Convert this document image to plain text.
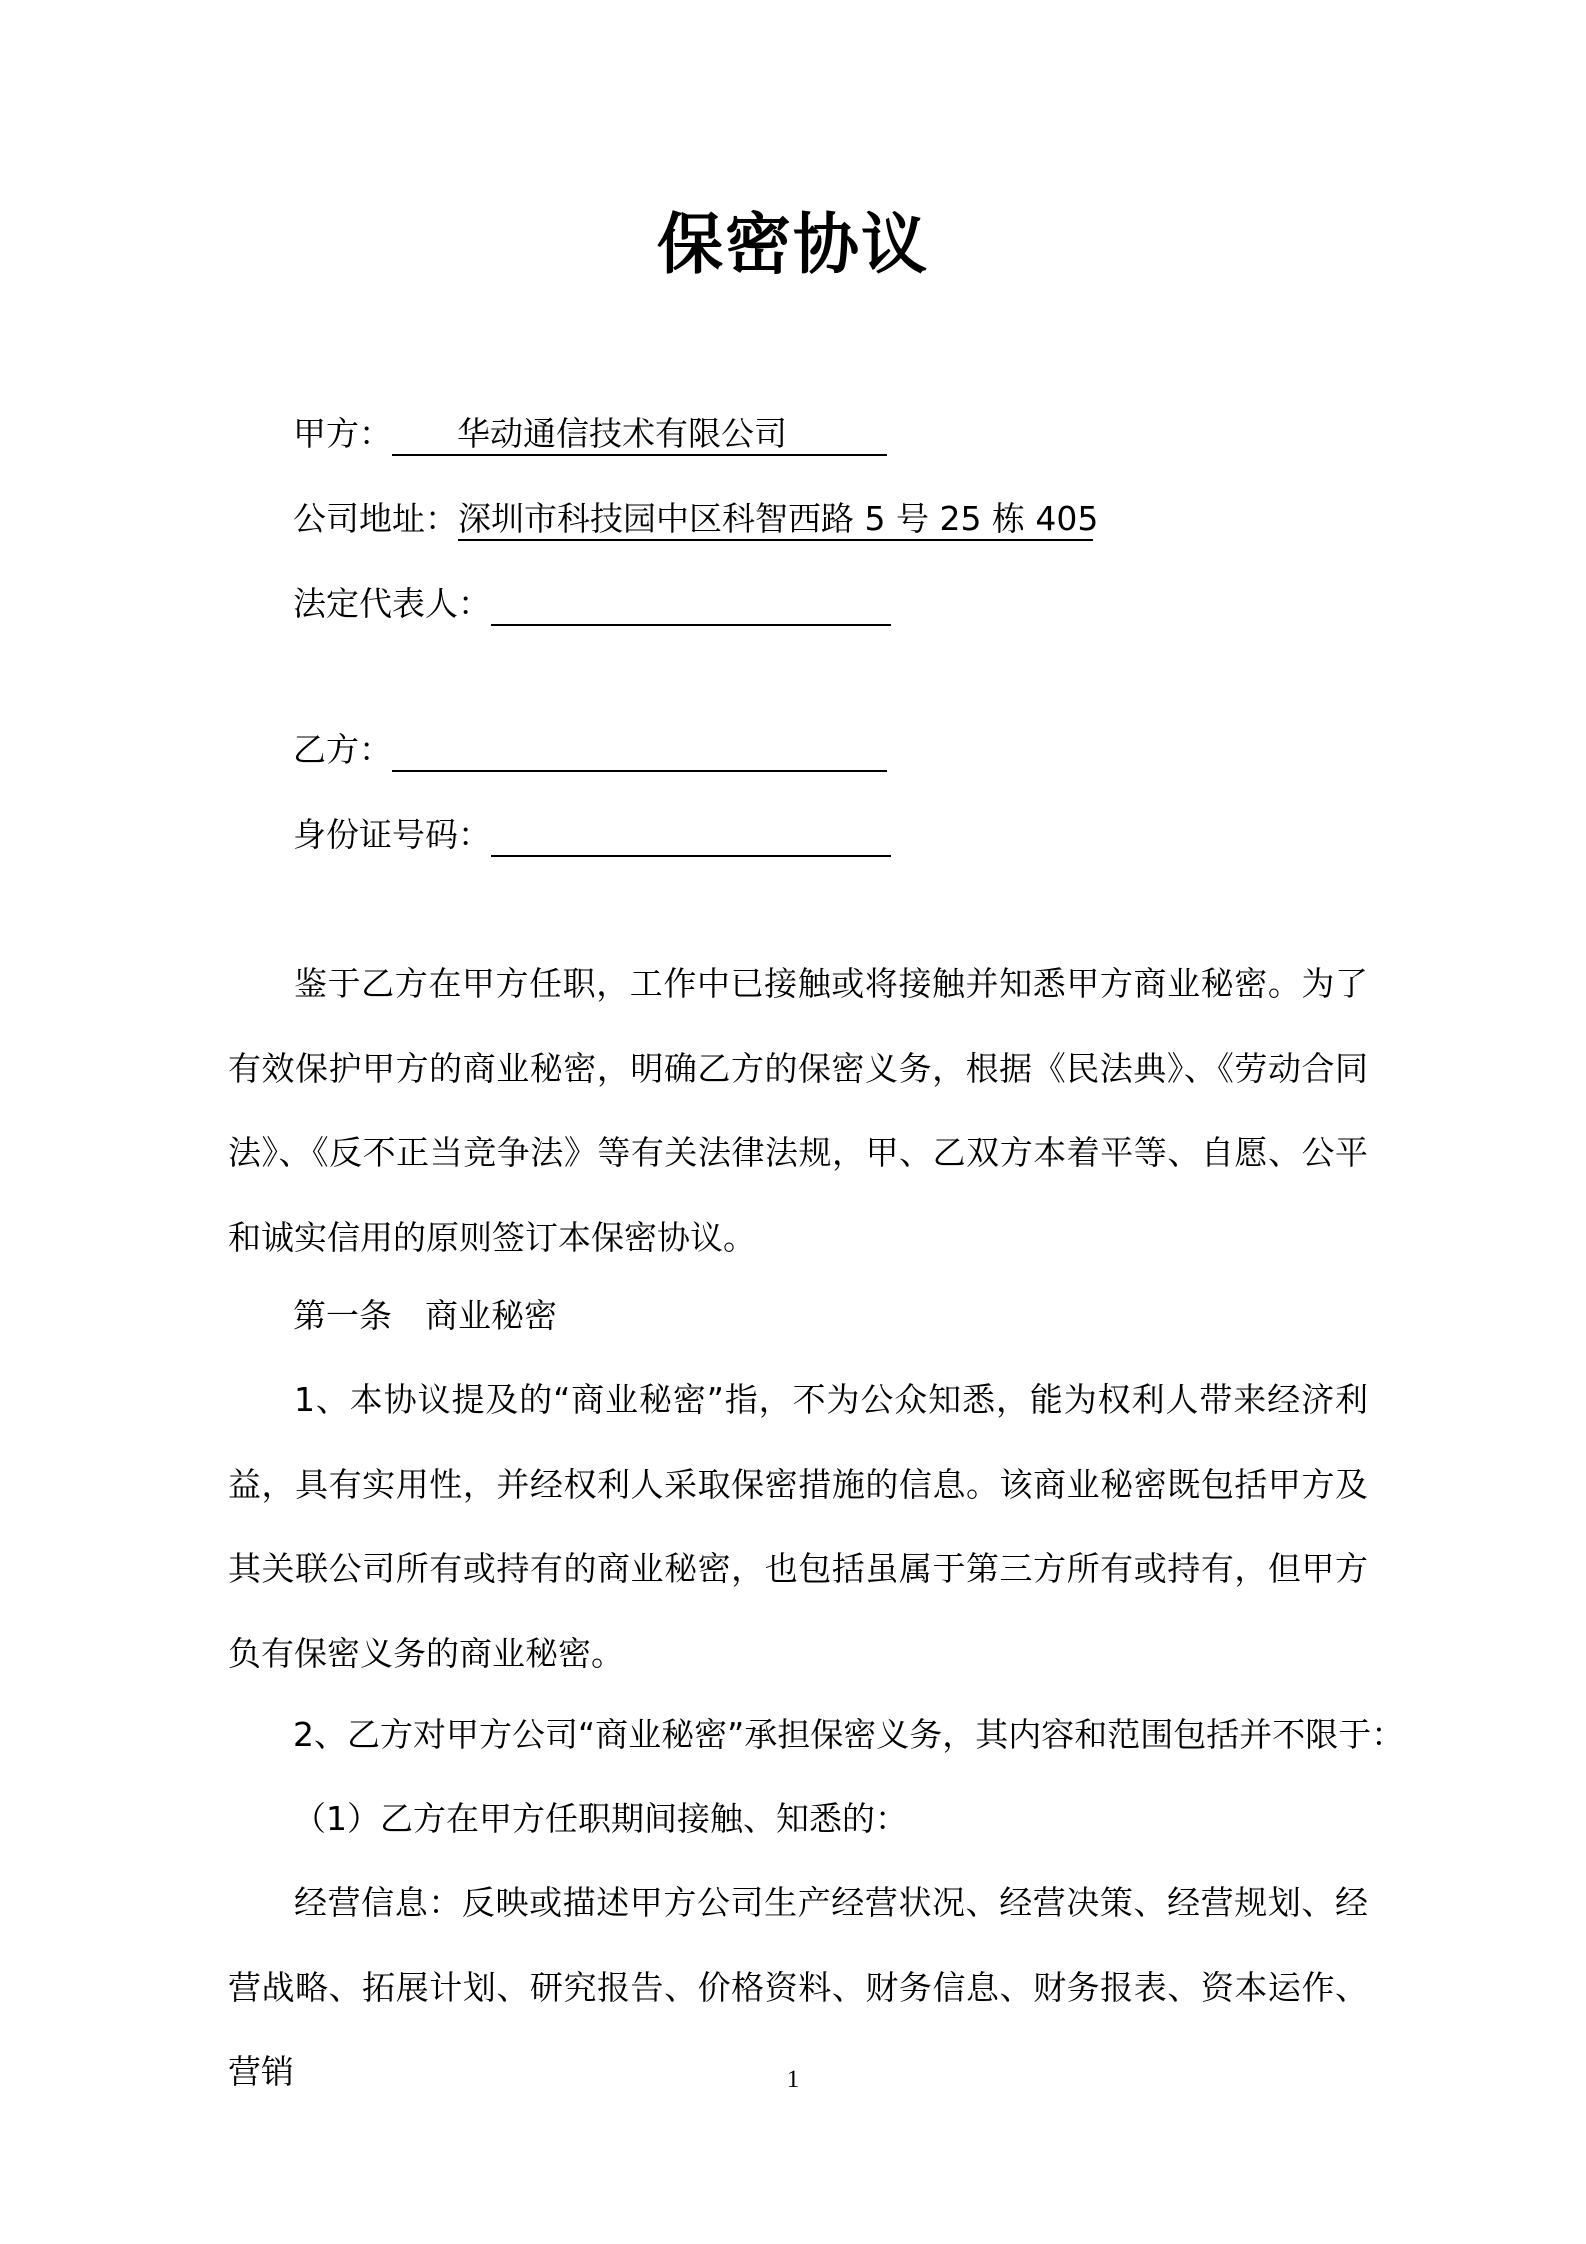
保密协议
甲方：	华动通信技术有限公司
公司地址： 深圳市科技园中区科智西路 5 号 25 栋 405
法定代表人：
乙方：
身份证号码：

鉴于乙方在甲方任职，工作中已接触或将接触并知悉甲方商业秘密。为了有效保护甲方的商业秘密，明确乙方的保密义务，根据《民法典》、《劳动合同法》、《反不正当竞争法》等有关法律法规，甲、乙双方本着平等、自愿、公平和诚实信用的原则签订本保密协议。

第一条　商业秘密

1、本协议提及的“商业秘密”指，不为公众知悉，能为权利人带来经济利益，具有实用性，并经权利人采取保密措施的信息。该商业秘密既包括甲方及其关联公司所有或持有的商业秘密，也包括虽属于第三方所有或持有，但甲方负有保密义务的商业秘密。

2、乙方对甲方公司“商业秘密”承担保密义务，其内容和范围包括并不限于：

（1）乙方在甲方任职期间接触、知悉的：

经营信息：反映或描述甲方公司生产经营状况、经营决策、经营规划、经营战略、拓展计划、研究报告、价格资料、财务信息、财务报表、资本运作、营销	1
